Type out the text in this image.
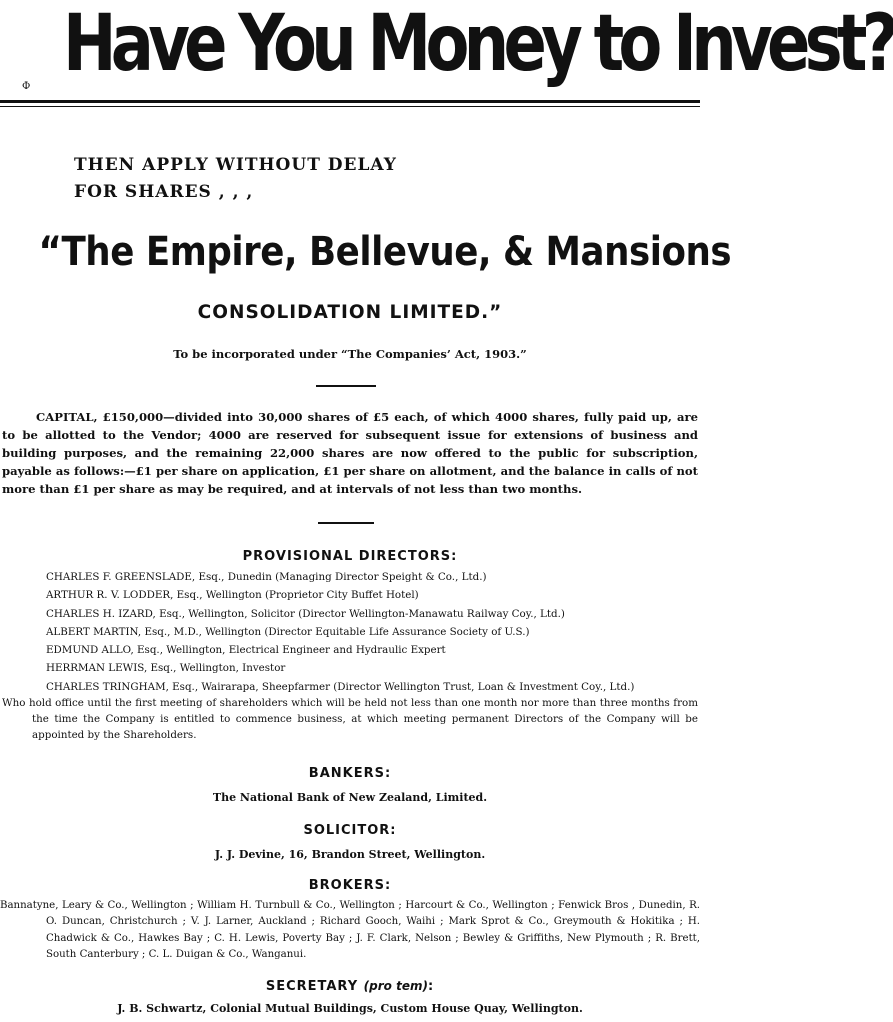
Have You Money to Invest?
Ф
THEN APPLY WITHOUT DELAY
FOR SHARES , , ,
“The Empire, Bellevue, & Mansions
CONSOLIDATION LIMITED.”
To be incorporated under “The Companies’ Act, 1903.”

CAPITAL, £150,000—divided into 30,000 shares of £5 each, of which 4000 shares, fully paid up, are to be allotted to the Vendor; 4000 are reserved for subsequent issue for extensions of business and building purposes, and the remaining 22,000 shares are now offered to the public for subscription, payable as follows:—£1 per share on application, £1 per share on allotment, and the balance in calls of not more than £1 per share as may be required, and at intervals of not less than two months.

PROVISIONAL DIRECTORS:
CHARLES F. GREENSLADE, Esq., Dunedin (Managing Director Speight & Co., Ltd.)
ARTHUR R. V. LODDER, Esq., Wellington (Proprietor City Buffet Hotel)
CHARLES H. IZARD, Esq., Wellington, Solicitor (Director Wellington-Manawatu Railway Coy., Ltd.)
ALBERT MARTIN, Esq., M.D., Wellington (Director Equitable Life Assurance Society of U.S.)
EDMUND ALLO, Esq., Wellington, Electrical Engineer and Hydraulic Expert
HERRMAN LEWIS, Esq., Wellington, Investor
CHARLES TRINGHAM, Esq., Wairarapa, Sheepfarmer (Director Wellington Trust, Loan & Investment Coy., Ltd.)

Who hold office until the first meeting of shareholders which will be held not less than one month nor more than three months from the time the Company is entitled to commence business, at which meeting permanent Directors of the Company will be appointed by the Shareholders.

BANKERS:
The National Bank of New Zealand, Limited.
SOLICITOR:
J. J. Devine, 16, Brandon Street, Wellington.
BROKERS:

Bannatyne, Leary & Co., Wellington ; William H. Turnbull & Co., Wellington ; Harcourt & Co., Wellington ; Fenwick Bros , Dunedin, R. O. Duncan, Christchurch ; V. J. Larner, Auckland ; Richard Gooch, Waihi ; Mark Sprot & Co., Greymouth & Hokitika ; H. Chadwick & Co., Hawkes Bay ; C. H. Lewis, Poverty Bay ; J. F. Clark, Nelson ; Bewley & Griffiths, New Plymouth ; R. Brett, South Canterbury ; C. L. Duigan & Co., Wanganui.

SECRETARY (pro tem):
J. B. Schwartz, Colonial Mutual Buildings, Custom House Quay, Wellington.
